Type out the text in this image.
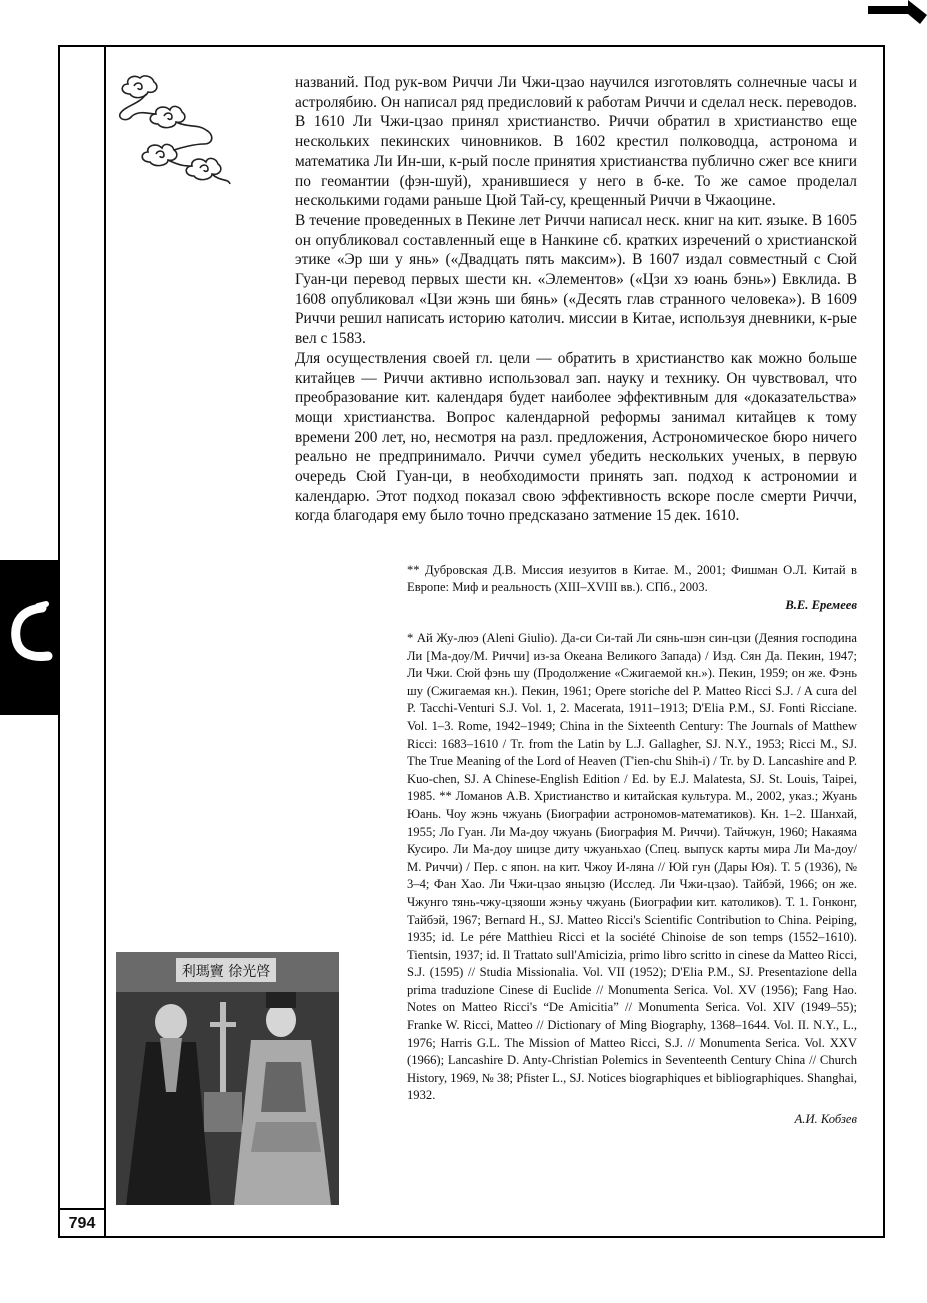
794

названий. Под рук-вом Риччи Ли Чжи-цзао научился изготовлять солнечные часы и астролябию. Он написал ряд предисловий к работам Риччи и сделал неск. переводов. В 1610 Ли Чжи-цзао принял христианство. Риччи обратил в христианство еще нескольких пекинских чиновников. В 1602 крестил полководца, астронома и математика Ли Ин-ши, к-рый после принятия христианства публично сжег все книги по геомантии (фэн-шуй), хранившиеся у него в б-ке. То же самое проделал несколькими годами раньше Цюй Тай-су, крещенный Риччи в Чжаоцине.

В течение проведенных в Пекине лет Риччи написал неск. книг на кит. языке. В 1605 он опубликовал составленный еще в Нанкине сб. кратких изречений о христианской этике «Эр ши у янь» («Двадцать пять максим»). В 1607 издал совместный с Сюй Гуан-ци перевод первых шести кн. «Элементов» («Цзи хэ юань бэнь») Евклида. В 1608 опубликовал «Цзи жэнь ши бянь» («Десять глав странного человека»). В 1609 Риччи решил написать историю католич. миссии в Китае, используя дневники, к-рые вел с 1583.

Для осуществления своей гл. цели — обратить в христианство как можно больше китайцев — Риччи активно использовал зап. науку и технику. Он чувствовал, что преобразование кит. календаря будет наиболее эффективным для «доказательства» мощи христианства. Вопрос календарной реформы занимал китайцев к тому времени 200 лет, но, несмотря на разл. предложения, Астрономическое бюро ничего реально не предпринимало. Риччи сумел убедить нескольких ученых, в первую очередь Сюй Гуан-ци, в необходимости принять зап. подход к астрономии и календарю. Этот подход показал свою эффективность вскоре после смерти Риччи, когда благодаря ему было точно предсказано затмение 15 дек. 1610.

** Дубровская Д.В. Миссия иезуитов в Китае. М., 2001; Фишман О.Л. Китай в Европе: Миф и реальность (XIII–XVIII вв.). СПб., 2003.

В.Е. Еремеев

* Ай Жу-люэ (Aleni Giulio). Да-си Си-тай Ли сянь-шэн син-цзи (Деяния господина Ли [Ма-доу/М. Риччи] из-за Океана Великого Запада) / Изд. Сян Да. Пекин, 1947; Ли Чжи. Сюй фэнь шу (Продолжение «Сжигаемой кн.»). Пекин, 1959; он же. Фэнь шу (Сжигаемая кн.). Пекин, 1961; Opere storiche del P. Matteo Ricci S.J. / A cura del P. Tacchi-Venturi S.J. Vol. 1, 2. Macerata, 1911–1913; D'Elia P.M., SJ. Fonti Ricciane. Vol. 1–3. Rome, 1942–1949; China in the Sixteenth Century: The Journals of Matthew Ricci: 1683–1610 / Tr. from the Latin by L.J. Gallagher, SJ. N.Y., 1953; Ricci M., SJ. The True Meaning of the Lord of Heaven (T'ien-chu Shih-i) / Tr. by D. Lancashire and P. Kuo-chen, SJ. A Chinese-English Edition / Ed. by E.J. Malatesta, SJ. St. Louis, Taipei, 1985. ** Ломанов А.В. Христианство и китайская культура. М., 2002, указ.; Жуань Юань. Чоу жэнь чжуань (Биографии астрономов-математиков). Кн. 1–2. Шанхай, 1955; Ло Гуан. Ли Ма-доу чжуань (Биография М. Риччи). Тайчжун, 1960; Накаяма Кусиро. Ли Ма-доу шицзе диту чжуаньхао (Спец. выпуск карты мира Ли Ма-доу/М. Риччи) / Пер. с япон. на кит. Чжоу И-ляна // Юй гун (Дары Юя). Т. 5 (1936), № 3–4; Фан Хао. Ли Чжи-цзао яньцзю (Исслед. Ли Чжи-цзао). Тайбэй, 1966; он же. Чжунго тянь-чжу-цзяоши жэньу чжуань (Биографии кит. католиков). Т. 1. Гонконг, Тайбэй, 1967; Bernard H., SJ. Matteo Ricci's Scientific Contribution to China. Peiping, 1935; id. Le pére Matthieu Ricci et la société Chinoise de son temps (1552–1610). Tientsin, 1937; id. Il Trattato sull'Amicizia, primo libro scritto in cinese da Matteo Ricci, S.J. (1595) // Studia Missionalia. Vol. VII (1952); D'Elia P.M., SJ. Presentazione della prima traduzione Cinese di Euclide // Monumenta Serica. Vol. XV (1956); Fang Hao. Notes on Matteo Ricci's “De Amicitia” // Monumenta Serica. Vol. XIV (1949–55); Franke W. Ricci, Matteo // Dictionary of Ming Biography, 1368–1644. Vol. II. N.Y., L., 1976; Harris G.L. The Mission of Matteo Ricci, S.J. // Monumenta Serica. Vol. XXV (1966); Lancashire D. Anty-Christian Polemics in Seventeenth Century China // Church History, 1969, № 38; Pfister L., SJ. Notices biographiques et bibliographiques. Shanghai, 1932.

А.И. Кобзев

利瑪竇 徐光啓
